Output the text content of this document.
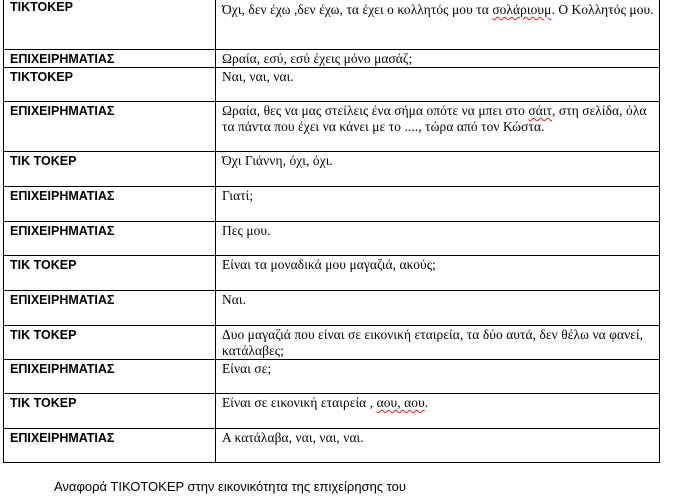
ΤΙΚΤΟΚΕΡ	Όχι, δεν έχω ,δεν έχω, τα έχει ο κολλητός μου τα σολάριουμ. Ο Κολλητός μου.

ΕΠΙΧΕΙΡΗΜΑΤΙΑΣ	Ωραία, εσύ, εσύ έχεις μόνο μασάζ;
ΤΙΚΤΟΚΕΡ	Ναι, ναι, ναι.
ΕΠΙΧΕΙΡΗΜΑΤΙΑΣ	Ωραία, θες να μας στείλεις ένα σήμα οπότε να μπει στο σάιτ, στη σελίδα, όλα τα πάντα που έχει να κάνει με το ...., τώρα από τον Κώστα.
ΤΙΚ ΤΟΚΕΡ	Όχι Γιάννη, όχι, όχι.
ΕΠΙΧΕΙΡΗΜΑΤΙΑΣ	Γιατί;
ΕΠΙΧΕΙΡΗΜΑΤΙΑΣ	Πες μου.
ΤΙΚ ΤΟΚΕΡ	Είναι τα μοναδικά μου μαγαζιά, ακούς;
ΕΠΙΧΕΙΡΗΜΑΤΙΑΣ	Ναι.
ΤΙΚ ΤΟΚΕΡ	Δυο μαγαζιά που είναι σε εικονική εταιρεία, τα δύο αυτά, δεν θέλω να φανεί, κατάλαβες;
ΕΠΙΧΕΙΡΗΜΑΤΙΑΣ	Είναι σε;
ΤΙΚ ΤΟΚΕΡ	Είναι σε εικονική εταιρεία , αου, αου.
ΕΠΙΧΕΙΡΗΜΑΤΙΑΣ	Α κατάλαβα, ναι, ναι, ναι.
Αναφορά ΤΙΚΟΤΟΚΕΡ στην εικονικότητα της επιχείρησης του
